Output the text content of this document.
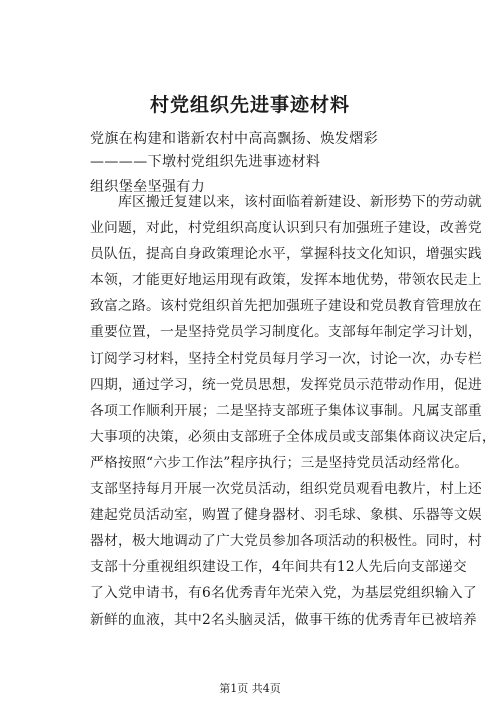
村党组织先进事迹材料
党旗在构建和谐新农村中高高飘扬、焕发熠彩
————下墩村党组织先进事迹材料
组织堡垒坚强有力
库区搬迁复建以来，该村面临着新建设、新形势下的劳动就
业问题，对此，村党组织高度认识到只有加强班子建设，改善党
员队伍，提高自身政策理论水平，掌握科技文化知识，增强实践
本领，才能更好地运用现有政策，发挥本地优势，带领农民走上
致富之路。该村党组织首先把加强班子建设和党员教育管理放在
重要位置，一是坚持党员学习制度化。支部每年制定学习计划，
订阅学习材料，坚持全村党员每月学习一次，讨论一次，办专栏
四期，通过学习，统一党员思想，发挥党员示范带动作用，促进
各项工作顺利开展；二是坚持支部班子集体议事制。凡属支部重
大事项的决策，必须由支部班子全体成员或支部集体商议决定后，
严格按照“六步工作法”程序执行；三是坚持党员活动经常化。
支部坚持每月开展一次党员活动，组织党员观看电教片，村上还
建起党员活动室，购置了健身器材、羽毛球、象棋、乐器等文娱
器材，极大地调动了广大党员参加各项活动的积极性。同时，村
支部十分重视组织建设工作，4年间共有12人先后向支部递交
了入党申请书，有6名优秀青年光荣入党，为基层党组织输入了
新鲜的血液，其中2名头脑灵活，做事干练的优秀青年已被培养
第1页 共4页
